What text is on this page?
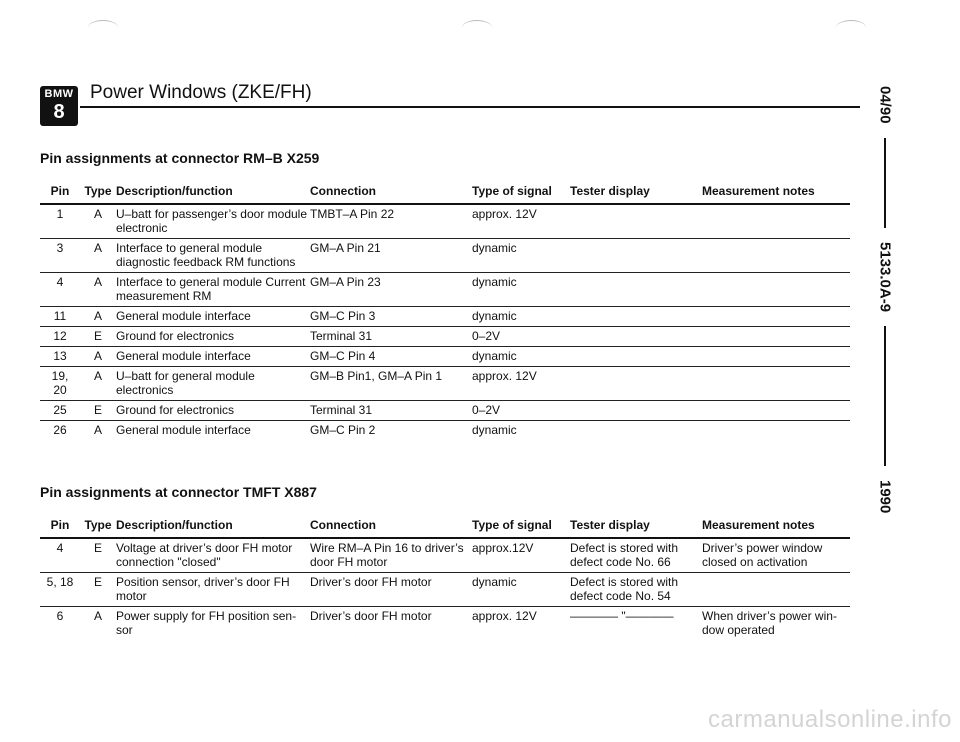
BMW
8
Power Windows (ZKE/FH)	04/90
5133.0A-9
1990
Pin assignments at connector RM–B X259
Pin	Type	Description/function	Connection	Type of signal	Tester display	Measurement notes
1	A	U–batt for passenger’s door module electronic	TMBT–A Pin 22	approx. 12V		
3	A	Interface to general module diagnostic feedback RM functions	GM–A Pin 21	dynamic		
4	A	Interface to general module Current measurement RM	GM–A Pin 23	dynamic		
11	A	General module interface	GM–C Pin 3	dynamic		
12	E	Ground for electronics	Terminal 31	0–2V		
13	A	General module interface	GM–C Pin 4	dynamic		
19, 20	A	U–batt for general module electronics	GM–B Pin1, GM–A Pin 1	approx. 12V		
25	E	Ground for electronics	Terminal 31	0–2V		
26	A	General module interface	GM–C Pin 2	dynamic		
Pin assignments at connector TMFT X887
Pin	Type	Description/function	Connection	Type of signal	Tester display	Measurement notes
4	E	Voltage at driver’s door FH motor connection "closed"	Wire RM–A Pin 16 to driver’s door FH motor	approx.12V	Defect is stored with defect code No. 66	Driver’s power window closed on activation
5, 18	E	Position sensor, driver’s door FH motor	Driver’s door FH motor	dynamic	Defect is stored with defect code No. 54	
6	A	Power supply for FH position sen- sor	Driver’s door FH motor	approx. 12V	———— "————	When driver’s power win- dow operated
carmanualsonline.info
